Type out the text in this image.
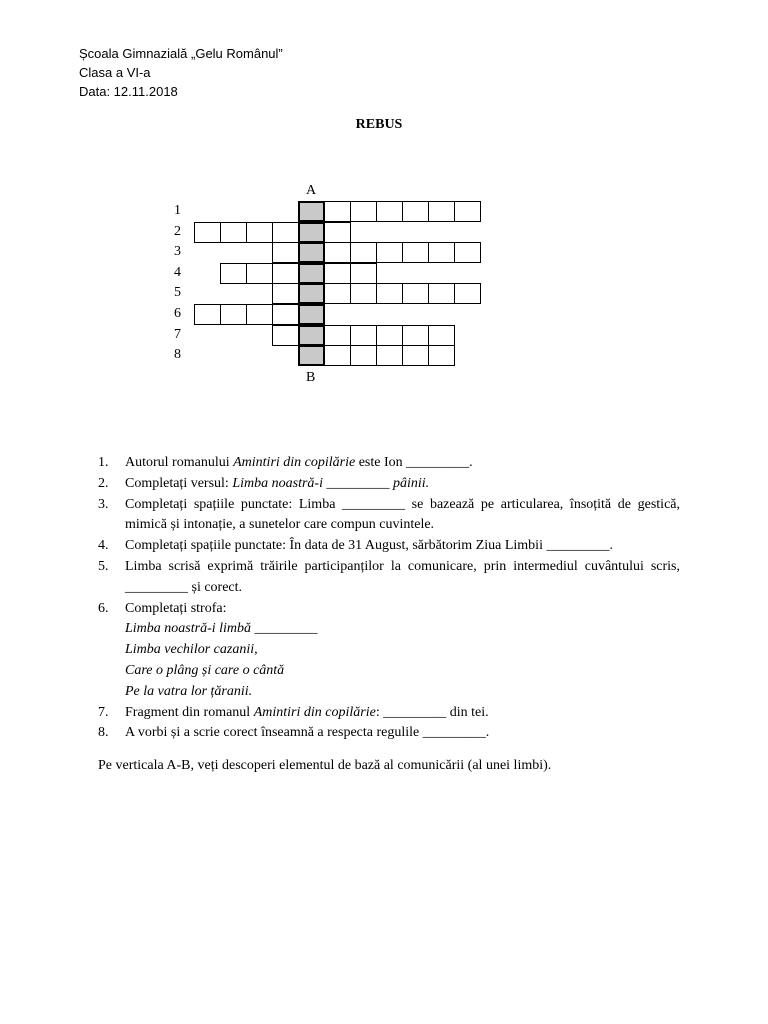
Școala Gimnazială „Gelu Românul”
Clasa a VI-a
Data: 12.11.2018
REBUS
A
B
1
2
3
4
5
6
7
8
1. Autorul romanului Amintiri din copilărie este Ion _________.
2. Completați versul: Limba noastră-i _________ pâinii.
3. Completați spațiile punctate: Limba _________ se bazează pe articularea, însoțită de gestică, mimică și intonație, a sunetelor care compun cuvintele.
4. Completați spațiile punctate: În data de 31 August, sărbătorim Ziua Limbii _________.
5. Limba scrisă exprimă trăirile participanților la comunicare, prin intermediul cuvântului scris, _________ și corect.
6. Completați strofa:
Limba noastră-i limbă _________
Limba vechilor cazanii,
Care o plâng și care o cântă
Pe la vatra lor țăranii.
7. Fragment din romanul Amintiri din copilărie: _________ din tei.
8. A vorbi și a scrie corect înseamnă a respecta regulile _________.
Pe verticala A-B, veți descoperi elementul de bază al comunicării (al unei limbi).
